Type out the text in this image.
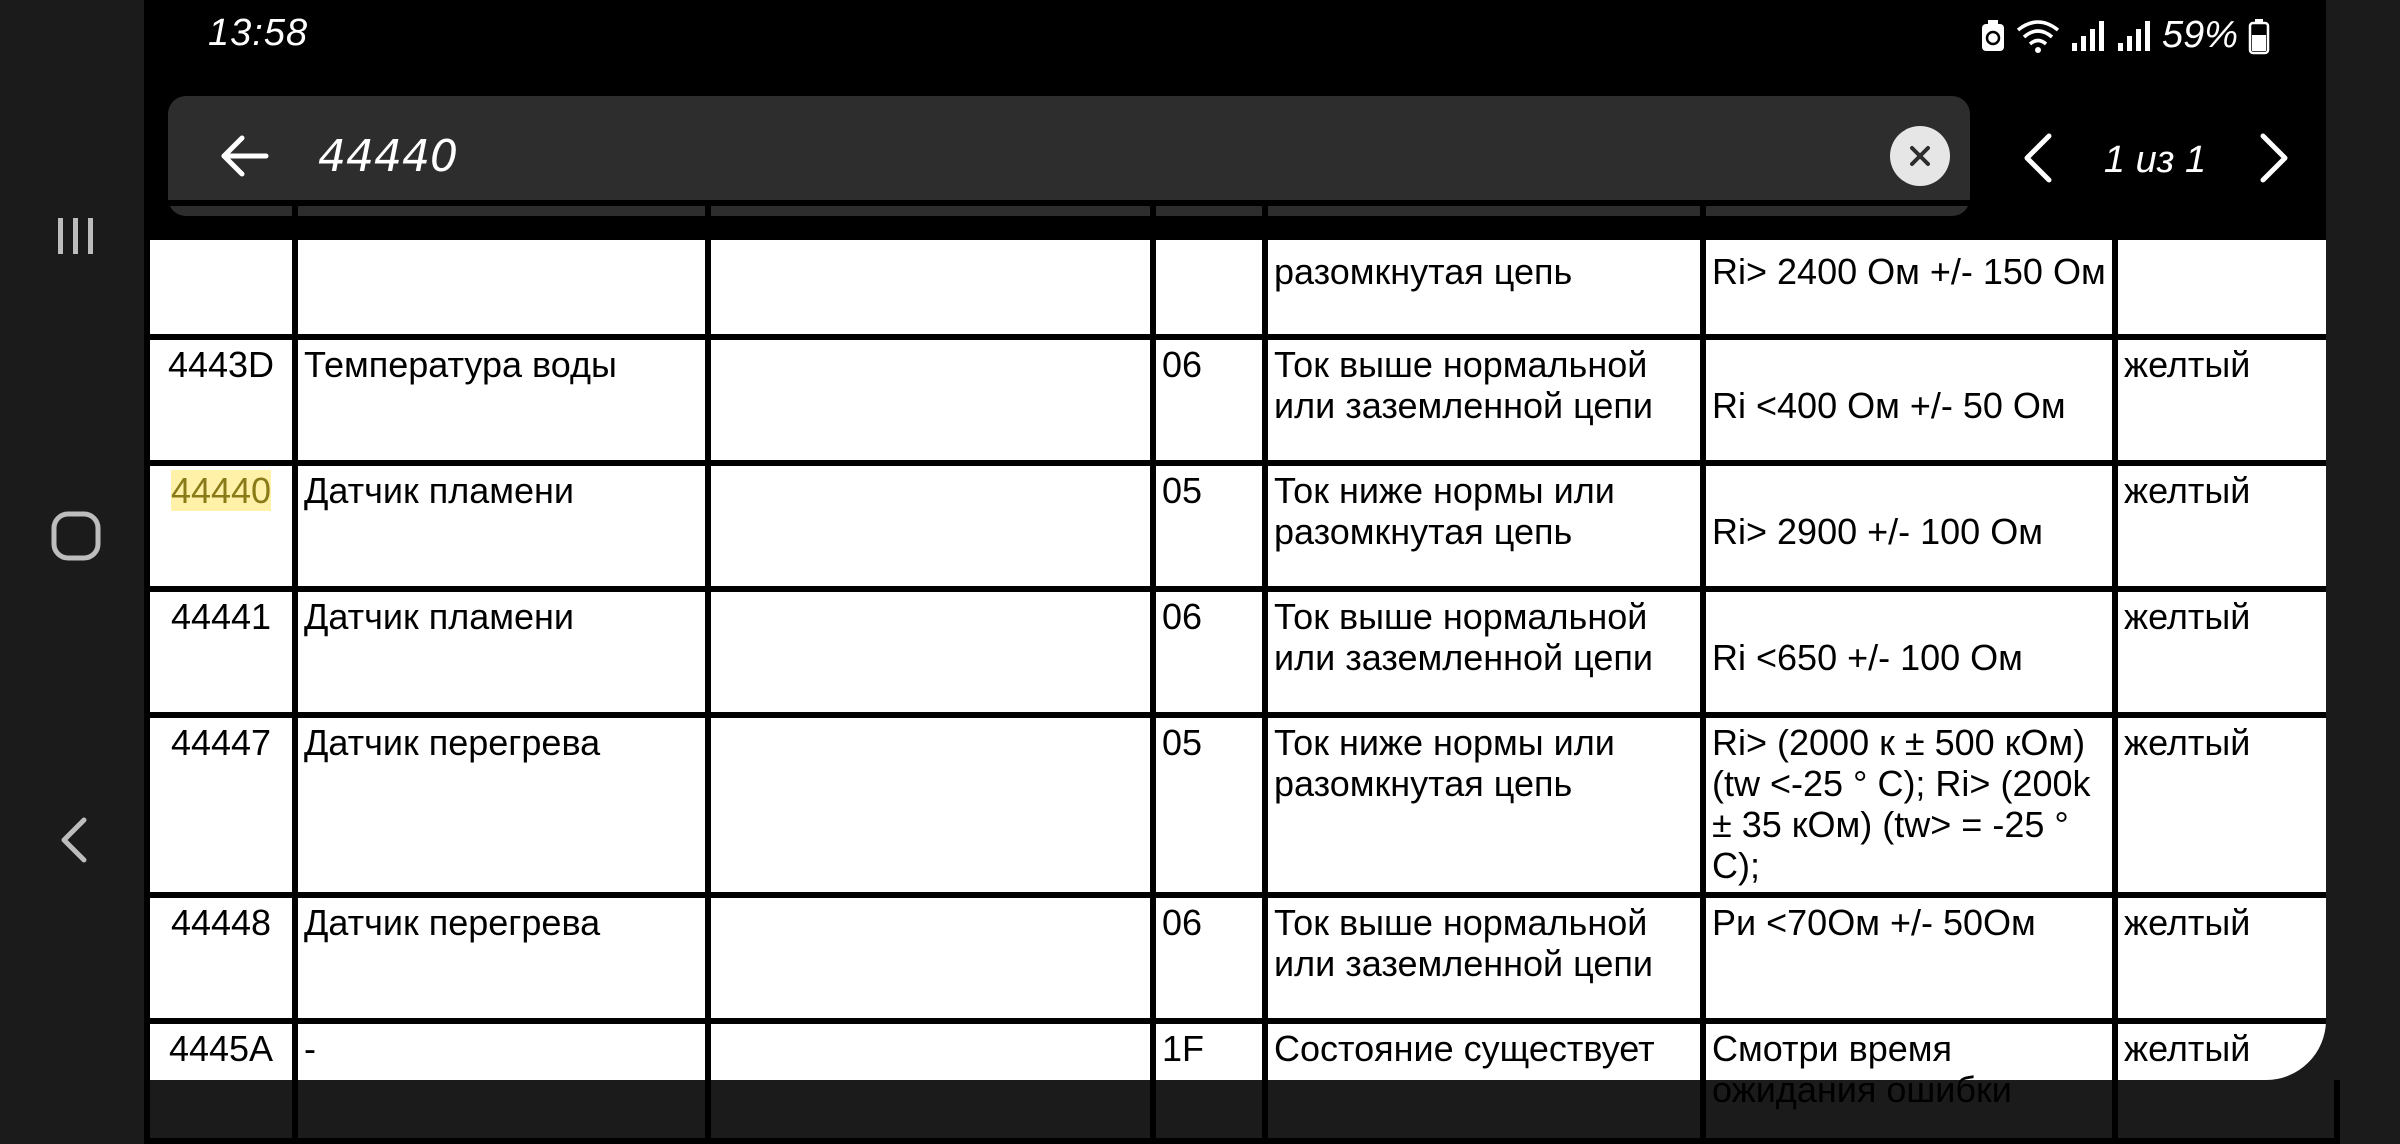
13:58	59%
44440
1 из 1
				разомкнутая цепь	Ri> 2400 Ом +/- 150 Ом	
4443D	Температура воды		06	Ток выше нормальной или заземленной цепи	Ri <400 Ом +/- 50 Ом	желтый
44440	Датчик пламени		05	Ток ниже нормы или разомкнутая цепь	Ri> 2900 +/- 100 Ом	желтый
44441	Датчик пламени		06	Ток выше нормальной или заземленной цепи	Ri <650 +/- 100 Ом	желтый
44447	Датчик перегрева		05	Ток ниже нормы или разомкнутая цепь	Ri> (2000 к ± 500 кОм) (tw <-25 ° C); Ri> (200k ± 35 кОм) (tw> = -25 ° C);	желтый
44448	Датчик перегрева		06	Ток выше нормальной или заземленной цепи	Ри <70Ом +/- 50Ом	желтый
4445A	-		1F	Состояние существует	Смотри время ожидания ошибки	желтый
